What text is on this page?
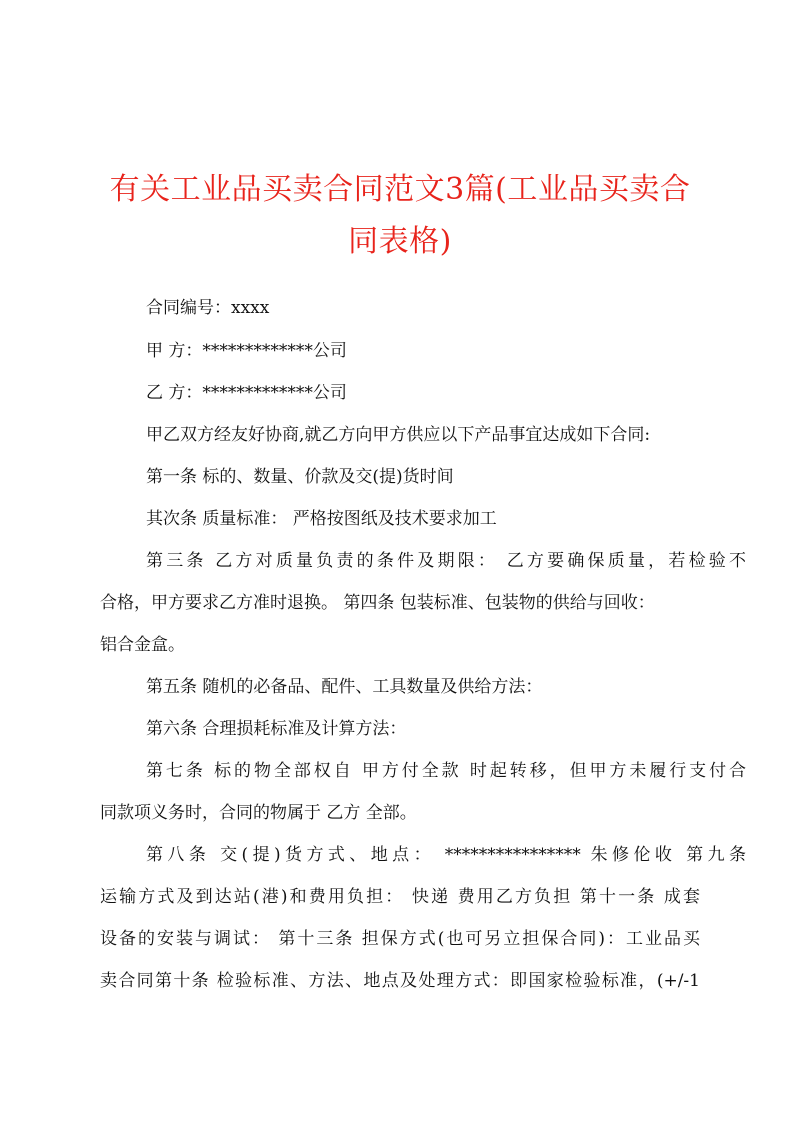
有关工业品买卖合同范文3篇(工业品买卖合
同表格)
合同编号：xxxx
甲 方：*************公司
乙 方：*************公司
甲乙双方经友好协商,就乙方向甲方供应以下产品事宜达成如下合同:
第一条 标的、数量、价款及交(提)货时间
其次条 质量标准： 严格按图纸及技术要求加工
第三条 乙方对质量负责的条件及期限： 乙方要确保质量，若检验不
合格，甲方要求乙方准时退换。 第四条 包装标准、包装物的供给与回收：
铝合金盒。
第五条 随机的必备品、配件、工具数量及供给方法：
第六条 合理损耗标准及计算方法：
第七条 标的物全部权自 甲方付全款 时起转移，但甲方未履行支付合
同款项义务时，合同的物属于 乙方 全部。
第八条 交(提)货方式、地点： **************** 朱修伦收 第九条
运输方式及到达站(港)和费用负担： 快递 费用乙方负担 第十一条 成套
设备的安装与调试： 第十三条 担保方式(也可另立担保合同)：工业品买
卖合同第十条 检验标准、方法、地点及处理方式：即国家检验标准，(+/-1
